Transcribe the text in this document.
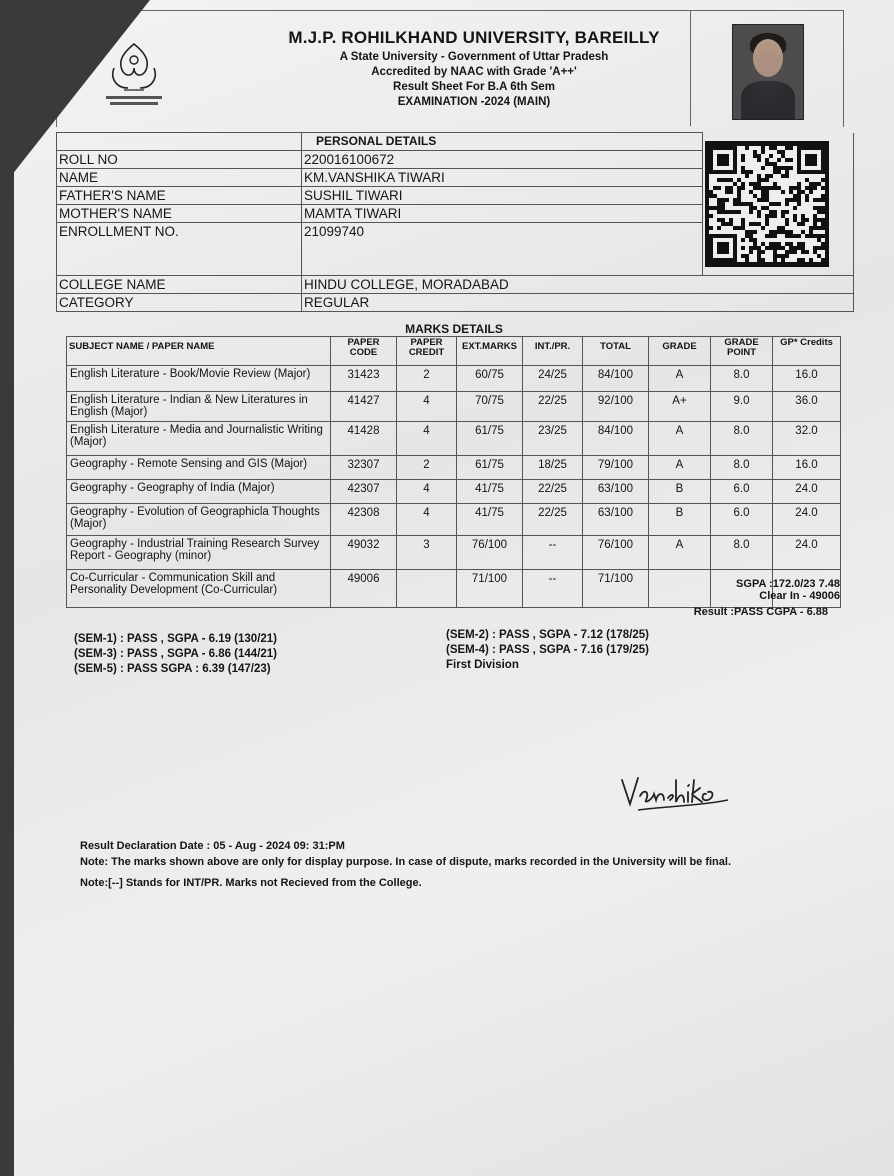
M.J.P. ROHILKHAND UNIVERSITY, BAREILLY
A State University - Government of Uttar Pradesh
Accredited by NAAC with Grade 'A++'
Result Sheet For B.A 6th Sem
EXAMINATION -2024 (MAIN)
	PERSONAL DETAILS	
ROLL NO	220016100672	
NAME	KM.VANSHIKA TIWARI	
FATHER'S NAME	SUSHIL TIWARI	
MOTHER'S NAME	MAMTA TIWARI	
ENROLLMENT NO.	21099740	
COLLEGE NAME	HINDU COLLEGE, MORADABAD	
CATEGORY	REGULAR	
MARKS DETAILS
SUBJECT NAME / PAPER NAME	PAPER CODE	PAPER CREDIT	EXT.MARKS	INT./PR.	TOTAL	GRADE	GRADE POINT	GP* Credits
English Literature - Book/Movie Review (Major)	31423	2	60/75	24/25	84/100	A	8.0	16.0
English Literature - Indian & New Literatures in English (Major)	41427	4	70/75	22/25	92/100	A+	9.0	36.0
English Literature - Media and Journalistic Writing (Major)	41428	4	61/75	23/25	84/100	A	8.0	32.0
Geography - Remote Sensing and GIS (Major)	32307	2	61/75	18/25	79/100	A	8.0	16.0
Geography - Geography of India (Major)	42307	4	41/75	22/25	63/100	B	6.0	24.0
Geography - Evolution of Geographicla Thoughts (Major)	42308	4	41/75	22/25	63/100	B	6.0	24.0
Geography - Industrial Training Research Survey Report - Geography (minor)	49032	3	76/100	--	76/100	A	8.0	24.0
Co-Curricular - Communication Skill and Personality Development (Co-Curricular)	49006		71/100	--	71/100				SGPA :172.0/23 7.48
Clear In - 49006
Result :PASS CGPA - 6.88
(SEM-1) : PASS , SGPA - 6.19 (130/21)
(SEM-3) : PASS , SGPA - 6.86 (144/21)
(SEM-5) : PASS SGPA : 6.39 (147/23)
(SEM-2) : PASS , SGPA - 7.12 (178/25)
(SEM-4) : PASS , SGPA - 7.16 (179/25)
First Division
Result Declaration Date : 05 - Aug - 2024 09: 31:PM
Note: The marks shown above are only for display purpose. In case of dispute, marks recorded in the University will be final.
Note:[--] Stands for INT/PR. Marks not Recieved from the College.
